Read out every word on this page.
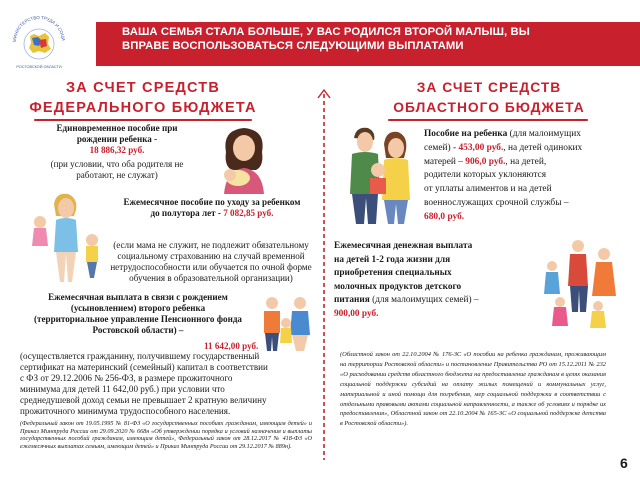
МИНИСТЕРСТВО ТРУДА И СОЦИ
РОСТОВСКОЙ ОБЛАСТИ
ВАША СЕМЬЯ СТАЛА БОЛЬШЕ, У ВАС РОДИЛСЯ ВТОРОЙ МАЛЫШ, ВЫ
ВПРАВЕ ВОСПОЛЬЗОВАТЬСЯ СЛЕДУЮЩИМИ ВЫПЛАТАМИ
ЗА СЧЕТ СРЕДСТВ
ФЕДЕРАЛЬНОГО БЮДЖЕТА
ЗА СЧЕТ СРЕДСТВ
ОБЛАСТНОГО БЮДЖЕТА
Единовременное пособие при
рождении ребенка -
18 886,32 руб.
(при условии, что оба родителя не
работают, не служат)
Ежемесячное пособие по уходу за ребенком
до полутора лет - 7 082,85 руб.
(если мама не служит, не подлежит обязательному
социальному страхованию на случай временной
нетрудоспособности или обучается по очной форме
обучения в образовательной организации)
Ежемесячная выплата в связи с рождением
(усыновлением) второго ребенка
(территориальное управление Пенсионного фонда
Ростовской области) –
11 642,00 руб.
(осуществляется гражданину, получившему государственный
сертификат на материнский (семейный) капитал в соответствии
с ФЗ от 29.12.2006 № 256-ФЗ, в размере прожиточного
минимума для детей 11 642,00 руб.) при условии что
среднедушевой доход семьи не превышает 2 кратную величину
прожиточного минимума трудоспособного населения.
(Федеральный закон от 19.05.1995 № 81-ФЗ «О государственных пособиях гражданам, имеющим детей» и Приказ Минтруда России от 29.09.2020 № 668н «Об утверждении порядка и условий назначения и выплаты государственных пособий гражданам, имеющим детей», Федеральный закон от 28.12.2017 № 418-ФЗ «О ежемесячных выплатах семьям, имеющим детей» и Приказ Минтруда России от 29.12.2017 № 889н).
Пособие на ребенка (для малоимущих
семей) - 453,00 руб., на детей одиноких
матерей – 906,0 руб., на детей,
родители которых уклоняются
от уплаты алиментов и на детей
военнослужащих срочной службы –
680,0 руб.
Ежемесячная денежная выплата
на детей 1-2 года жизни для
приобретения специальных
молочных продуктов детского
питания (для малоимущих семей) –
900,00 руб.
(Областной закон от 22.10.2004 № 176-ЗС «О пособии на ребенка гражданам, проживающим на территории Ростовской области» и постановление Правительства РО от 15.12.2011 № 232 «О расходовании средств областного бюджета на предоставление гражданам в целях оказания социальной поддержки субсидий на оплату жилых помещений и коммунальных услуг, материальной и иной помощи для погребения, мер социальной поддержки в соответствии с отдельными правовыми актами социальной направленности, а также об условиях и порядке их предоставления», Областной закон от 22.10.2004 № 165-ЗС «О социальной поддержке детства в Ростовской области»).
6
